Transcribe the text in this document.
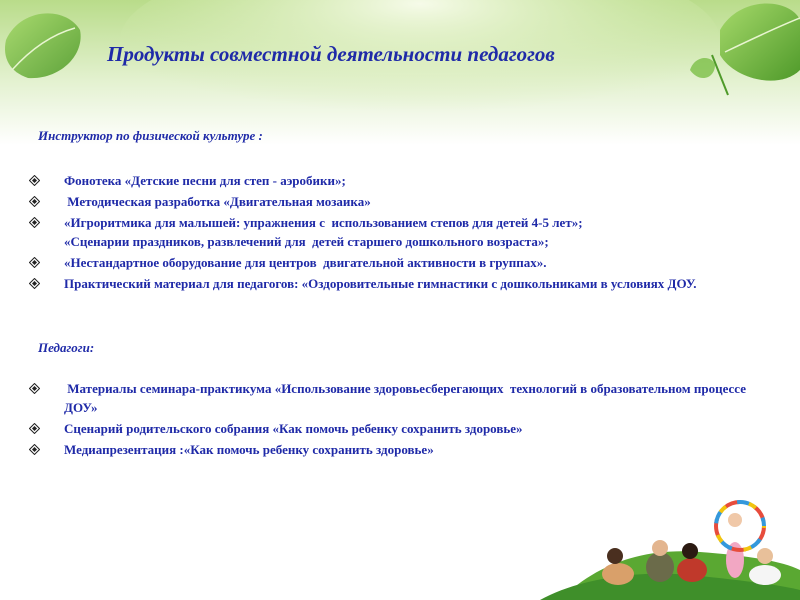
Продукты совместной деятельности педагогов
Инструктор по физической культуре :
Фонотека «Детские песни для степ - аэробики»;
Методическая разработка «Двигательная мозаика»
«Игроритмика для малышей: упражнения с  использованием степов для детей 4-5 лет»;
«Сценарии праздников, развлечений для  детей старшего дошкольного возраста»;
«Нестандартное оборудование для центров  двигательной активности в группах».
Практический материал для педагогов: «Оздоровительные гимнастики с дошкольниками в условиях ДОУ.
Педагоги:
Материалы семинара-практикума «Использование здоровьесберегающих  технологий в образовательном процессе ДОУ»
Сценарий родительского собрания «Как помочь ребенку сохранить здоровье»
Медиапрезентация :«Как помочь ребенку сохранить здоровье»
